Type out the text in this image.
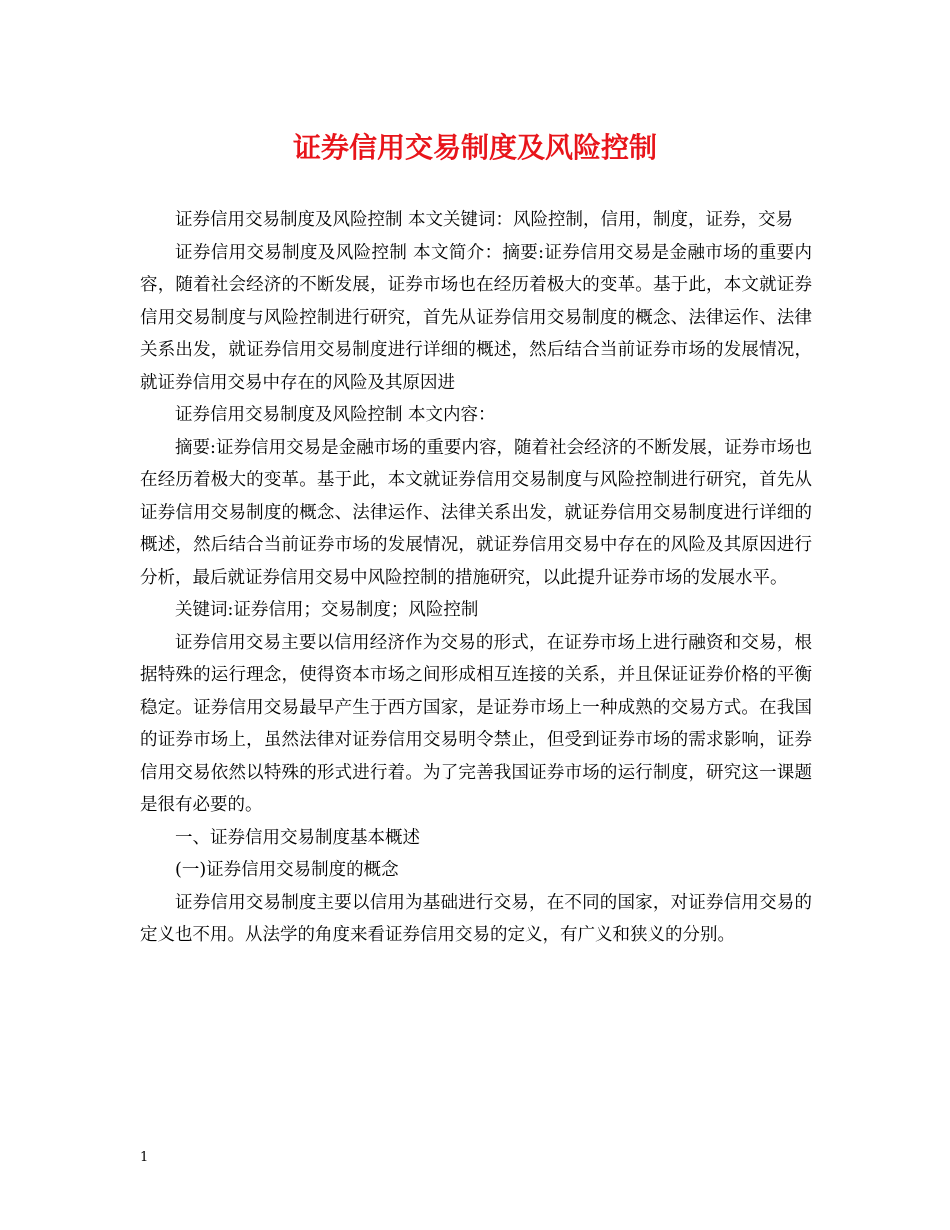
证券信用交易制度及风险控制

证券信用交易制度及风险控制 本文关键词：风险控制，信用，制度，证券，交易

证券信用交易制度及风险控制 本文简介：摘要:证券信用交易是金融市场的重要内容，随着社会经济的不断发展，证券市场也在经历着极大的变革。基于此，本文就证券信用交易制度与风险控制进行研究，首先从证券信用交易制度的概念、法律运作、法律关系出发，就证券信用交易制度进行详细的概述，然后结合当前证券市场的发展情况，就证券信用交易中存在的风险及其原因进

证券信用交易制度及风险控制 本文内容：

摘要:证券信用交易是金融市场的重要内容，随着社会经济的不断发展，证券市场也在经历着极大的变革。基于此，本文就证券信用交易制度与风险控制进行研究，首先从证券信用交易制度的概念、法律运作、法律关系出发，就证券信用交易制度进行详细的概述，然后结合当前证券市场的发展情况，就证券信用交易中存在的风险及其原因进行分析，最后就证券信用交易中风险控制的措施研究，以此提升证券市场的发展水平。

关键词:证券信用；交易制度；风险控制

证券信用交易主要以信用经济作为交易的形式，在证券市场上进行融资和交易，根据特殊的运行理念，使得资本市场之间形成相互连接的关系，并且保证证券价格的平衡稳定。证券信用交易最早产生于西方国家，是证券市场上一种成熟的交易方式。在我国的证券市场上，虽然法律对证券信用交易明令禁止，但受到证券市场的需求影响，证券信用交易依然以特殊的形式进行着。为了完善我国证券市场的运行制度，研究这一课题是很有必要的。

一、证券信用交易制度基本概述

(一)证券信用交易制度的概念

证券信用交易制度主要以信用为基础进行交易，在不同的国家，对证券信用交易的定义也不用。从法学的角度来看证券信用交易的定义，有广义和狭义的分别。

1
